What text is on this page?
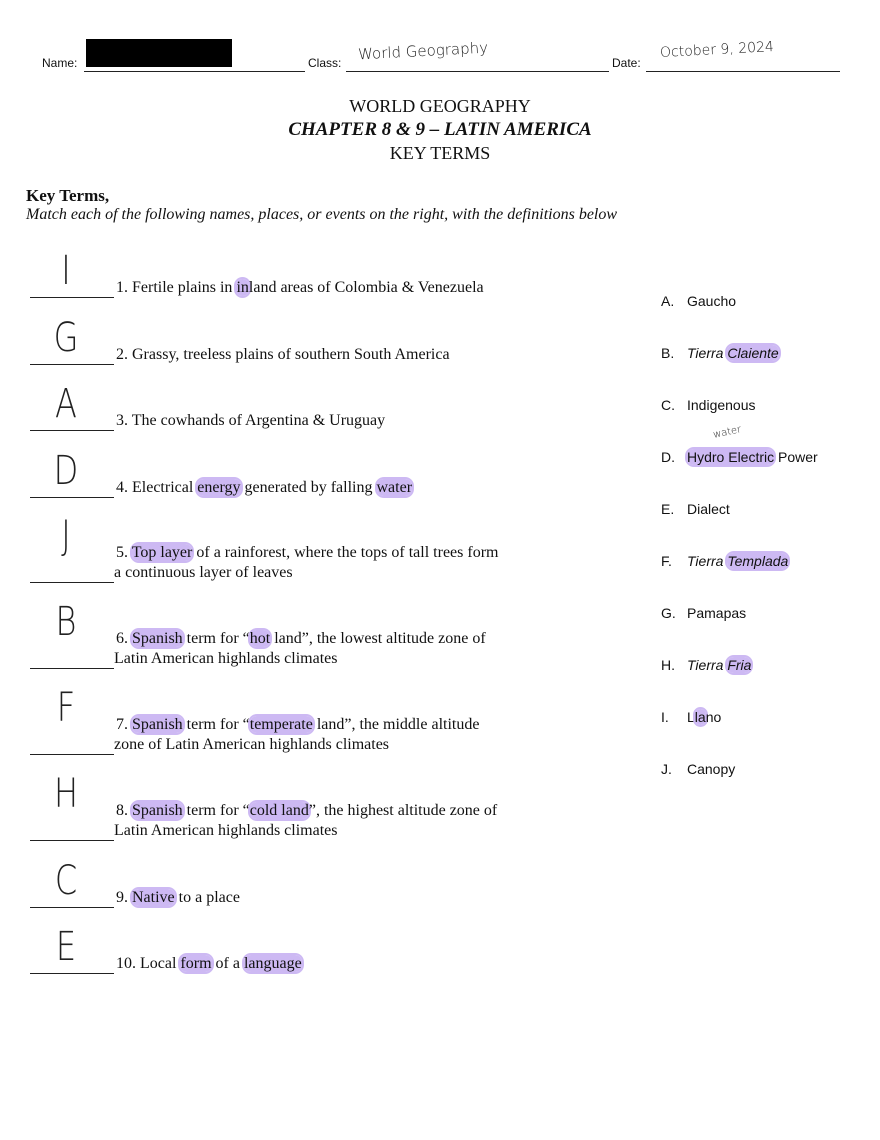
Name:	Class: World Geography	Date:
October 9, 2024
WORLD GEOGRAPHY
CHAPTER 8 & 9 – LATIN AMERICA
KEY TERMS
Key Terms,
Match each of the following names, places, or events on the right, with the definitions below
I	1. Fertile plains in inland areas of Colombia & Venezuela
G 2. Grassy, treeless plains of southern South America
A 3. The cowhands of Argentina & Uruguay
D 4. Electrical energy generated by falling water
J	5. Top layer of a rainforest, where the tops of tall trees form
a continuous layer of leaves
B 6. Spanish term for “hot land”, the lowest altitude zone of
Latin American highlands climates
F	7. Spanish term for “temperate land”, the middle altitude
zone of Latin American highlands climates
H 8. Spanish term for “cold land”, the highest altitude zone of
Latin American highlands climates
C 9. Native to a place
E 10. Local form of a language
A. Gaucho
B. Tierra Claiente
C. Indigenous
D. Hydro Electric Power
water
E. Dialect
F. Tierra Templada
G. Pamapas
H. Tierra Fria
I. Llano
J. Canopy
